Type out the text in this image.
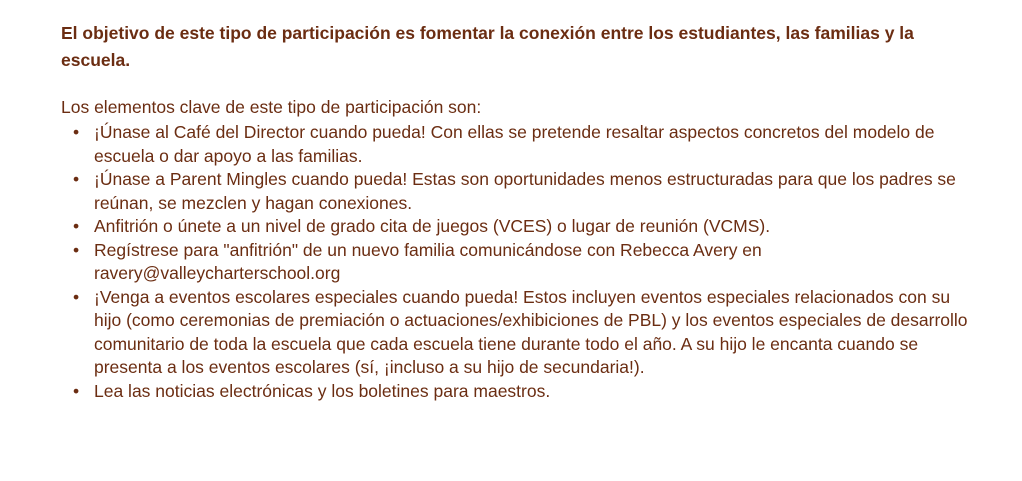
El objetivo de este tipo de participación es fomentar la conexión entre los estudiantes, las familias y la escuela.

Los elementos clave de este tipo de participación son:

• ¡Únase al Café del Director cuando pueda! Con ellas se pretende resaltar aspectos concretos del modelo de escuela o dar apoyo a las familias.
• ¡Únase a Parent Mingles cuando pueda! Estas son oportunidades menos estructuradas para que los padres se reúnan, se mezclen y hagan conexiones.
• Anfitrión o únete a un nivel de grado cita de juegos (VCES) o lugar de reunión (VCMS).
• Regístrese para "anfitrión" de un nuevo familia comunicándose con Rebecca Avery en ravery@valleycharterschool.org
• ¡Venga a eventos escolares especiales cuando pueda! Estos incluyen eventos especiales relacionados con su hijo (como ceremonias de premiación o actuaciones/exhibiciones de PBL) y los eventos especiales de desarrollo comunitario de toda la escuela que cada escuela tiene durante todo el año. A su hijo le encanta cuando se presenta a los eventos escolares (sí, ¡incluso a su hijo de secundaria!).
• Lea las noticias electrónicas y los boletines para maestros.
